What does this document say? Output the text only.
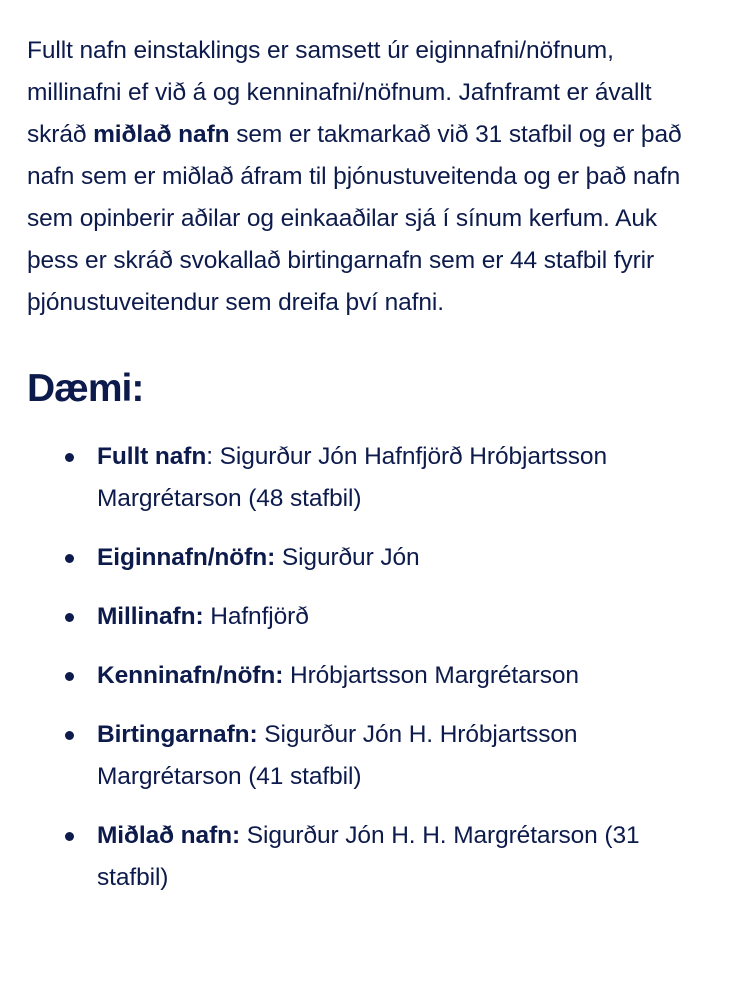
Fullt nafn einstaklings er samsett úr eiginnafni/nöfnum, millinafni ef við á og kenninafni/nöfnum. Jafnframt er ávallt skráð miðlað nafn sem er takmarkað við 31 stafbil og er það nafn sem er miðlað áfram til þjónustuveitenda og er það nafn sem opinberir aðilar og einkaaðilar sjá í sínum kerfum. Auk þess er skráð svokallað birtingarnafn sem er 44 stafbil fyrir þjónustuveitendur sem dreifa því nafni.

Dæmi:
Fullt nafn: Sigurður Jón Hafnfjörð Hróbjartsson Margrétarson (48 stafbil)
Eiginnafn/nöfn: Sigurður Jón
Millinafn: Hafnfjörð
Kenninafn/nöfn: Hróbjartsson Margrétarson
Birtingarnafn: Sigurður Jón H. Hróbjartsson Margrétarson (41 stafbil)
Miðlað nafn: Sigurður Jón H. H. Margrétarson (31 stafbil)
